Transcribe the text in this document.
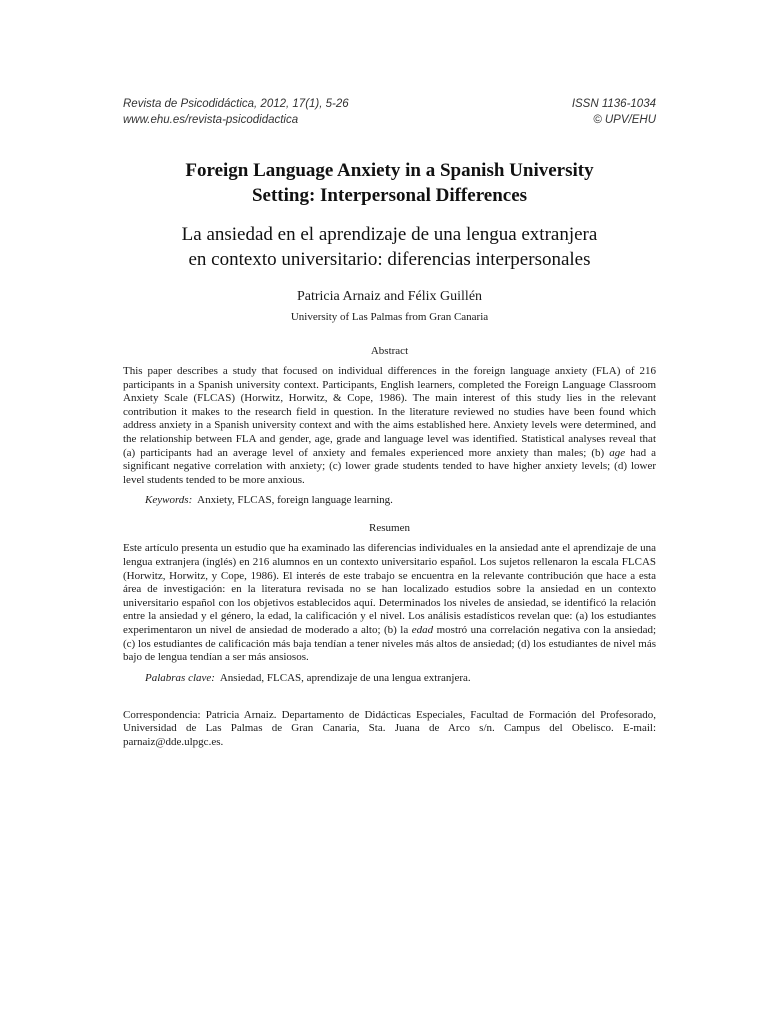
Revista de Psicodidáctica, 2012, 17(1), 5-26
www.ehu.es/revista-psicodidactica
ISSN 1136-1034
© UPV/EHU
Foreign Language Anxiety in a Spanish University
Setting: Interpersonal Differences
La ansiedad en el aprendizaje de una lengua extranjera
en contexto universitario: diferencias interpersonales
Patricia Arnaiz and Félix Guillén
University of Las Palmas from Gran Canaria
Abstract
This paper describes a study that focused on individual differences in the foreign language anxiety (FLA) of 216 participants in a Spanish university context. Participants, English learners, completed the Foreign Language Classroom Anxiety Scale (FLCAS) (Horwitz, Horwitz, & Cope, 1986). The main interest of this study lies in the relevant contribution it makes to the research field in question. In the literature reviewed no studies have been found which address anxiety in a Spanish university context and with the aims established here. Anxiety levels were determined, and the relationship between FLA and gender, age, grade and language level was identified. Statistical analyses reveal that (a) participants had an average level of anxiety and females experienced more anxiety than males; (b) age had a significant negative correlation with anxiety; (c) lower grade students tended to have higher anxiety levels; (d) lower level students tended to be more anxious.
Keywords: Anxiety, FLCAS, foreign language learning.
Resumen
Este artículo presenta un estudio que ha examinado las diferencias individuales en la ansiedad ante el aprendizaje de una lengua extranjera (inglés) en 216 alumnos en un contexto universitario español. Los sujetos rellenaron la escala FLCAS (Horwitz, Horwitz, y Cope, 1986). El interés de este trabajo se encuentra en la relevante contribución que hace a esta área de investigación: en la literatura revisada no se han localizado estudios sobre la ansiedad en un contexto universitario español con los objetivos establecidos aquí. Determinados los niveles de ansiedad, se identificó la relación entre la ansiedad y el género, la edad, la calificación y el nivel. Los análisis estadísticos revelan que: (a) los estudiantes experimentaron un nivel de ansiedad de moderado a alto; (b) la edad mostró una correlación negativa con la ansiedad; (c) los estudiantes de calificación más baja tendían a tener niveles más altos de ansiedad; (d) los estudiantes de nivel más bajo de lengua tendían a ser más ansiosos.
Palabras clave: Ansiedad, FLCAS, aprendizaje de una lengua extranjera.
Correspondencia: Patricia Arnaiz. Departamento de Didácticas Especiales, Facultad de Formación del Profesorado, Universidad de Las Palmas de Gran Canaria, Sta. Juana de Arco s/n. Campus del Obelisco. E-mail: parnaiz@dde.ulpgc.es.
